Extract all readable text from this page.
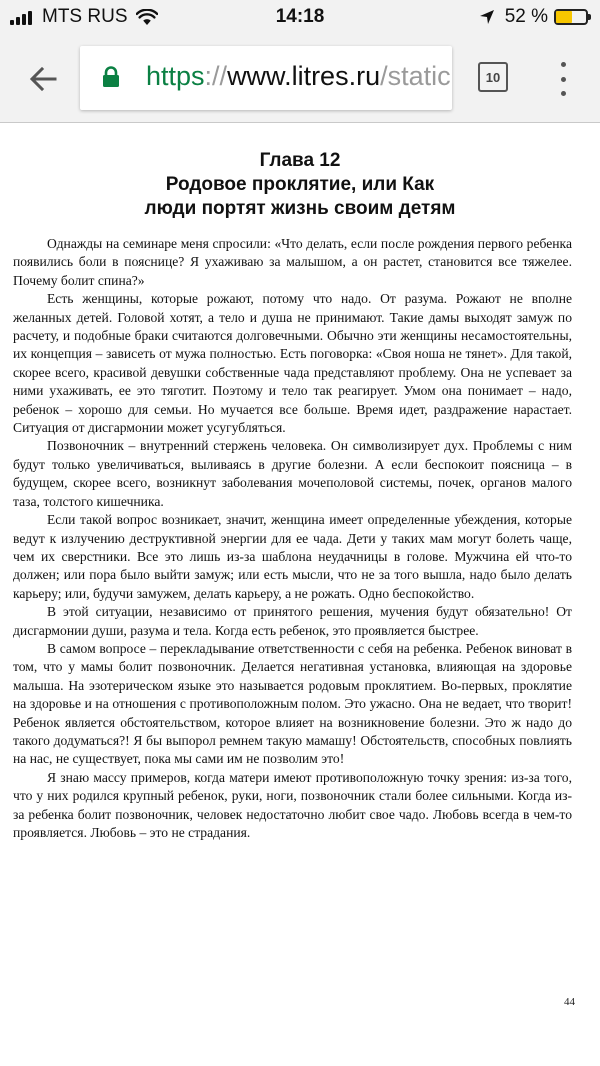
MTS RUS	14:18	52 %
https://www.litres.ru/static	10
Глава 12
Родовое проклятие, или Как
люди портят жизнь своим детям

Однажды на семинаре меня спросили: «Что делать, если после рождения первого ребенка появились боли в пояснице? Я ухаживаю за малышом, а он растет, становится все тяжелее. Почему болит спина?»

Есть женщины, которые рожают, потому что надо. От разума. Рожают не вполне желанных детей. Головой хотят, а тело и душа не принимают. Такие дамы выходят замуж по расчету, и подобные браки считаются долговечными. Обычно эти женщины несамостоятельны, их концепция – зависеть от мужа полностью. Есть поговорка: «Своя ноша не тянет». Для такой, скорее всего, красивой девушки собственные чада представляют проблему. Она не успевает за ними ухаживать, ее это тяготит. Поэтому и тело так реагирует. Умом она понимает – надо, ребенок – хорошо для семьи. Но мучается все больше. Время идет, раздражение нарастает. Ситуация от дисгармонии может усугубляться.

Позвоночник – внутренний стержень человека. Он символизирует дух. Проблемы с ним будут только увеличиваться, выливаясь в другие болезни. А если беспокоит поясница – в будущем, скорее всего, возникнут заболевания мочеполовой системы, почек, органов малого таза, толстого кишечника.

Если такой вопрос возникает, значит, женщина имеет определенные убеждения, которые ведут к излучению деструктивной энергии для ее чада. Дети у таких мам могут болеть чаще, чем их сверстники. Все это лишь из-за шаблона неудачницы в голове. Мужчина ей что-то должен; или пора было выйти замуж; или есть мысли, что не за того вышла, надо было делать карьеру; или, будучи замужем, делать карьеру, а не рожать. Одно беспокойство.

В этой ситуации, независимо от принятого решения, мучения будут обязательно! От дисгармонии души, разума и тела. Когда есть ребенок, это проявляется быстрее.

В самом вопросе – перекладывание ответственности с себя на ребенка. Ребенок виноват в том, что у мамы болит позвоночник. Делается негативная установка, влияющая на здоровье малыша. На эзотерическом языке это называется родовым проклятием. Во-первых, проклятие на здоровье и на отношения с противоположным полом. Это ужасно. Она не ведает, что творит! Ребенок является обстоятельством, которое влияет на возникновение болезни. Это ж надо до такого додуматься?! Я бы выпорол ремнем такую мамашу! Обстоятельств, способных повлиять на нас, не существует, пока мы сами им не позволим это!

Я знаю массу примеров, когда матери имеют противоположную точку зрения: из-за того, что у них родился крупный ребенок, руки, ноги, позвоночник стали более сильными. Когда из-за ребенка болит позвоночник, человек недостаточно любит свое чадо. Любовь всегда в чем-то проявляется. Любовь – это не страдания.

44
